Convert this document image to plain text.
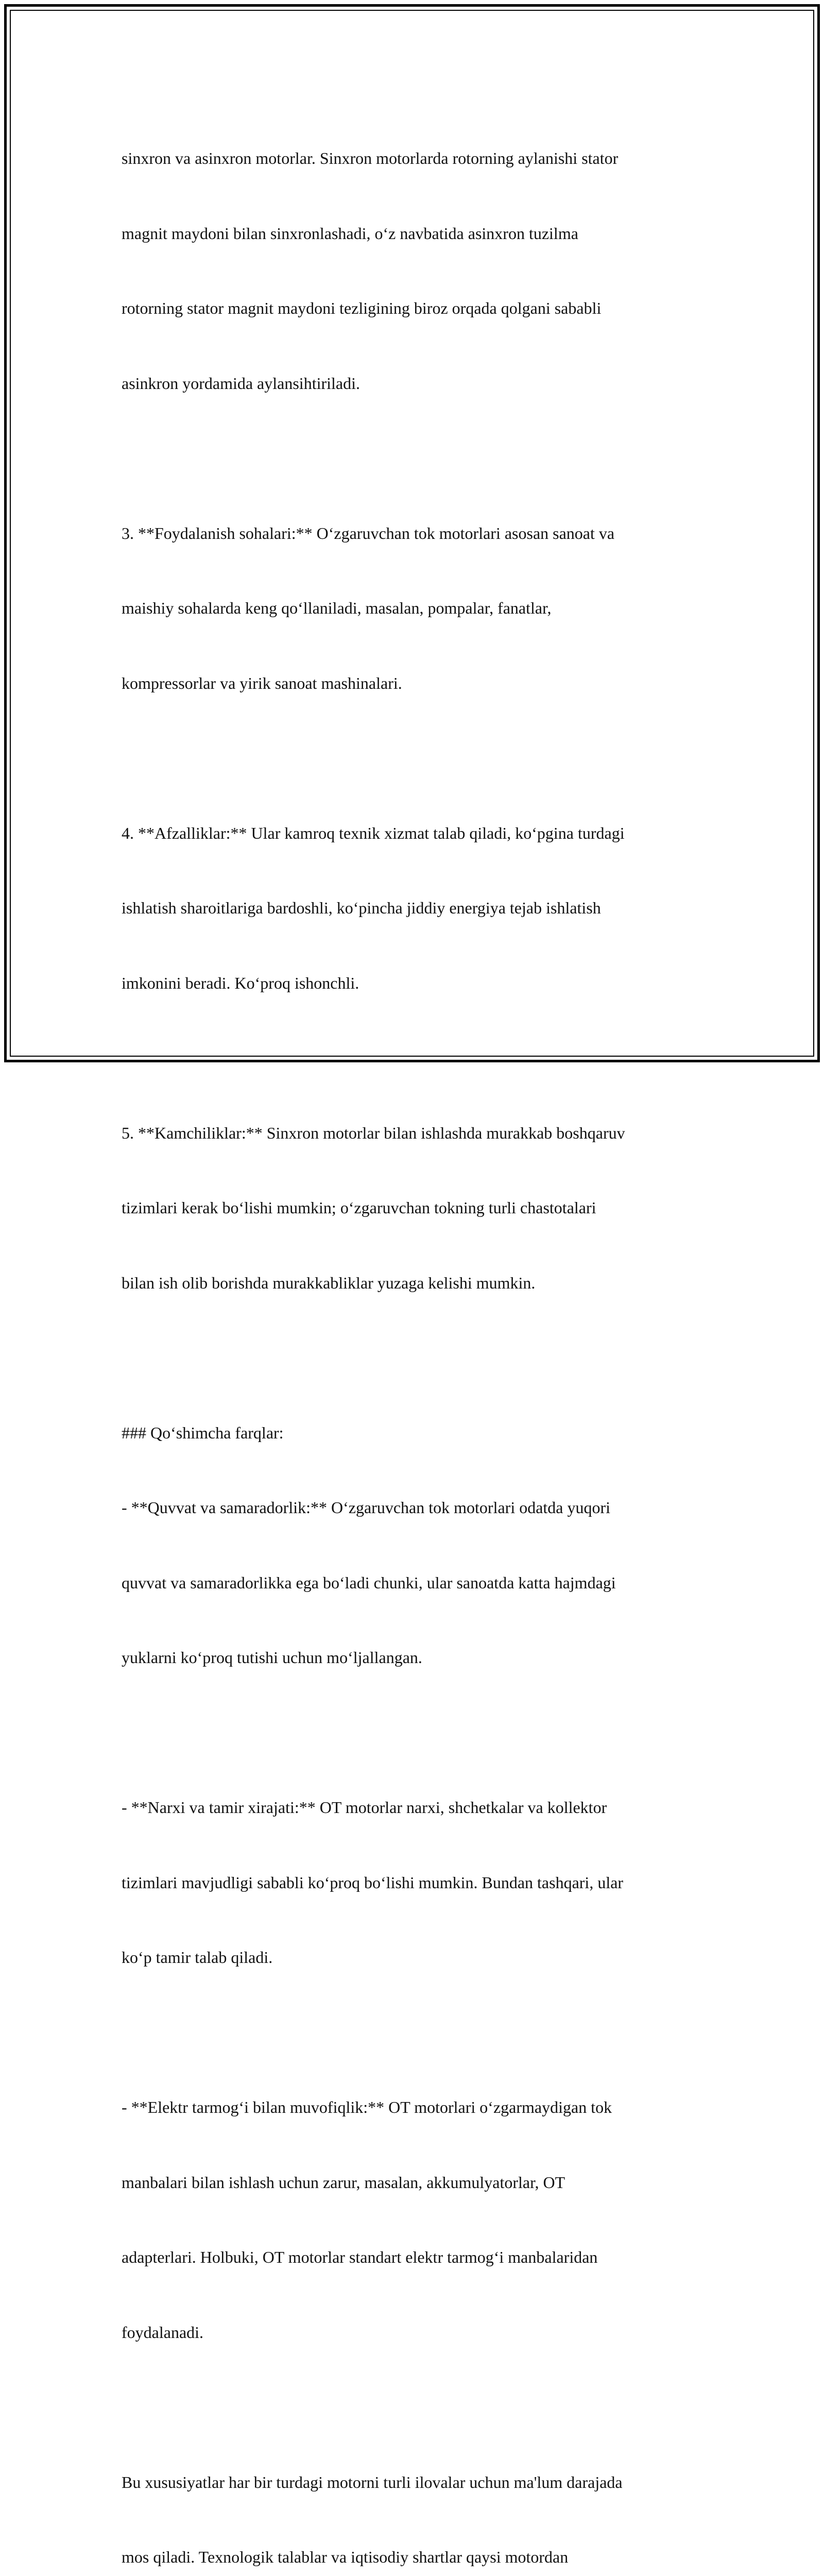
sinxron va asinxron motorlar. Sinxron motorlarda rotorning aylanishi stator

magnit maydoni bilan sinxronlashadi, o‘z navbatida asinxron tuzilma

rotorning stator magnit maydoni tezligining biroz orqada qolgani sababli

asinkron yordamida aylansihtiriladi.

3. **Foydalanish sohalari:** O‘zgaruvchan tok motorlari asosan sanoat va

maishiy sohalarda keng qo‘llaniladi, masalan, pompalar, fanatlar,

kompressorlar va yirik sanoat mashinalari.

4. **Afzalliklar:** Ular kamroq texnik xizmat talab qiladi, ko‘pgina turdagi

ishlatish sharoitlariga bardoshli, ko‘pincha jiddiy energiya tejab ishlatish

imkonini beradi. Ko‘proq ishonchli.

5. **Kamchiliklar:** Sinxron motorlar bilan ishlashda murakkab boshqaruv

tizimlari kerak bo‘lishi mumkin; o‘zgaruvchan tokning turli chastotalari

bilan ish olib borishda murakkabliklar yuzaga kelishi mumkin.

### Qo‘shimcha farqlar:

- **Quvvat va samaradorlik:** O‘zgaruvchan tok motorlari odatda yuqori

quvvat va samaradorlikka ega bo‘ladi chunki, ular sanoatda katta hajmdagi

yuklarni ko‘proq tutishi uchun mo‘ljallangan.

- **Narxi va tamir xirajati:** OT motorlar narxi, shchetkalar va kollektor

tizimlari mavjudligi sababli ko‘proq bo‘lishi mumkin. Bundan tashqari, ular

ko‘p tamir talab qiladi.

- **Elektr tarmog‘i bilan muvofiqlik:** OT motorlari o‘zgarmaydigan tok

manbalari bilan ishlash uchun zarur, masalan, akkumulyatorlar, OT

adapterlari. Holbuki, OT motorlar standart elektr tarmog‘i manbalaridan

foydalanadi.

Bu xususiyatlar har bir turdagi motorni turli ilovalar uchun ma'lum darajada

mos qiladi. Texnologik talablar va iqtisodiy shartlar qaysi motordan
